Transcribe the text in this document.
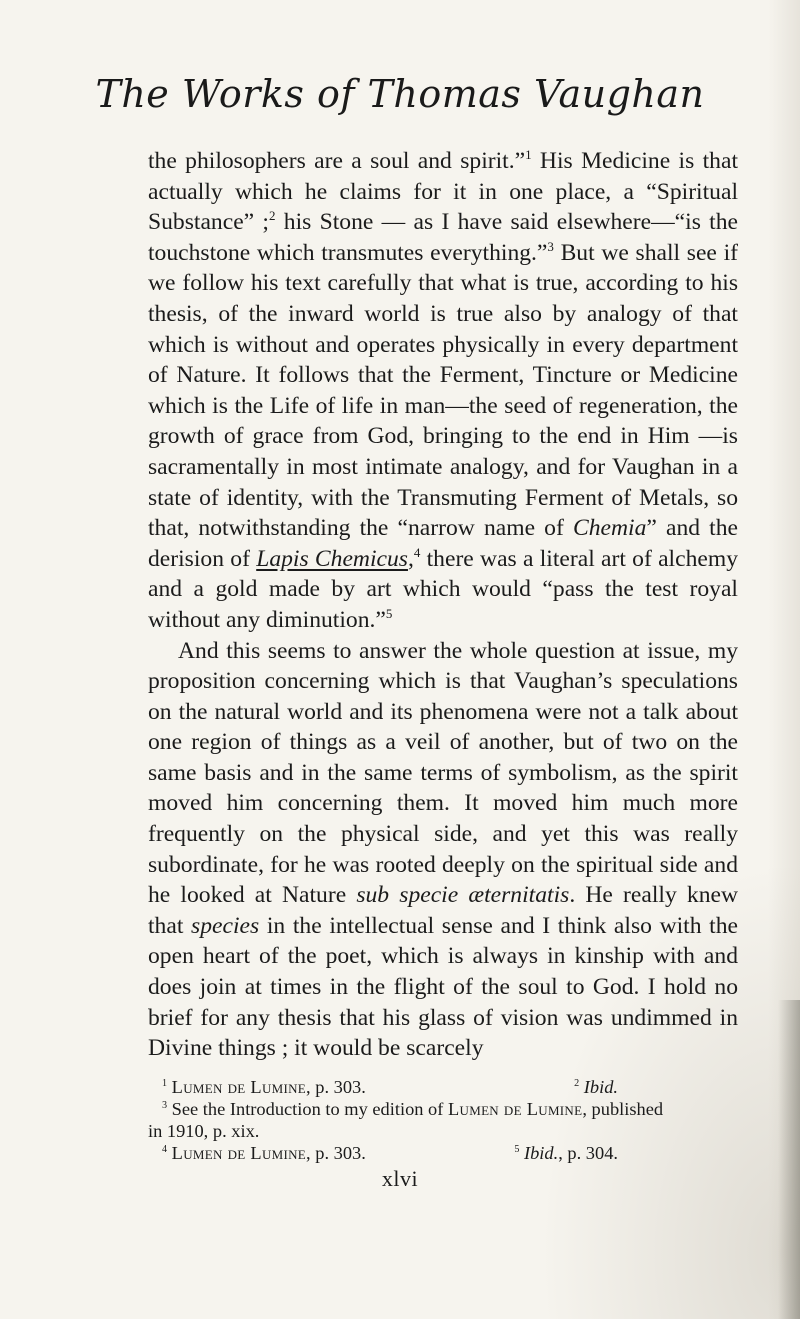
The Works of Thomas Vaughan

the philosophers are a soul and spirit.”$^1$ His Medicine is that actually which he claims for it in one place, a “Spiritual Substance” ;$^2$ his Stone — as I have said elsewhere—“is the touchstone which transmutes everything.”$^3$ But we shall see if we follow his text carefully that what is true, according to his thesis, of the inward world is true also by analogy of that which is without and operates physically in every department of Nature. It follows that the Ferment, Tincture or Medicine which is the Life of life in man—the seed of regeneration, the growth of grace from God, bringing to the end in Him —is sacramentally in most intimate analogy, and for Vaughan in a state of identity, with the Transmuting Ferment of Metals, so that, notwithstanding the “narrow name of Chemia” and the derision of Lapis Chemicus,$^4$ there was a literal art of alchemy and a gold made by art which would “pass the test royal without any diminution.”$^5$

And this seems to answer the whole question at issue, my proposition concerning which is that Vaughan’s speculations on the natural world and its phenomena were not a talk about one region of things as a veil of another, but of two on the same basis and in the same terms of symbolism, as the spirit moved him concerning them. It moved him much more frequently on the physical side, and yet this was really subordinate, for he was rooted deeply on the spiritual side and he looked at Nature sub specie æternitatis. He really knew that species in the intellectual sense and I think also with the open heart of the poet, which is always in kinship with and does join at times in the flight of the soul to God. I hold no brief for any thesis that his glass of vision was undimmed in Divine things ; it would be scarcely

$^1$ Lumen de Lumine, p. 303.	$^2$ Ibid.
$^3$ See the Introduction to my edition of Lumen de Lumine, published
in 1910, p. xix.
$^4$ Lumen de Lumine, p. 303.	$^5$ Ibid., p. 304.
xlvi
